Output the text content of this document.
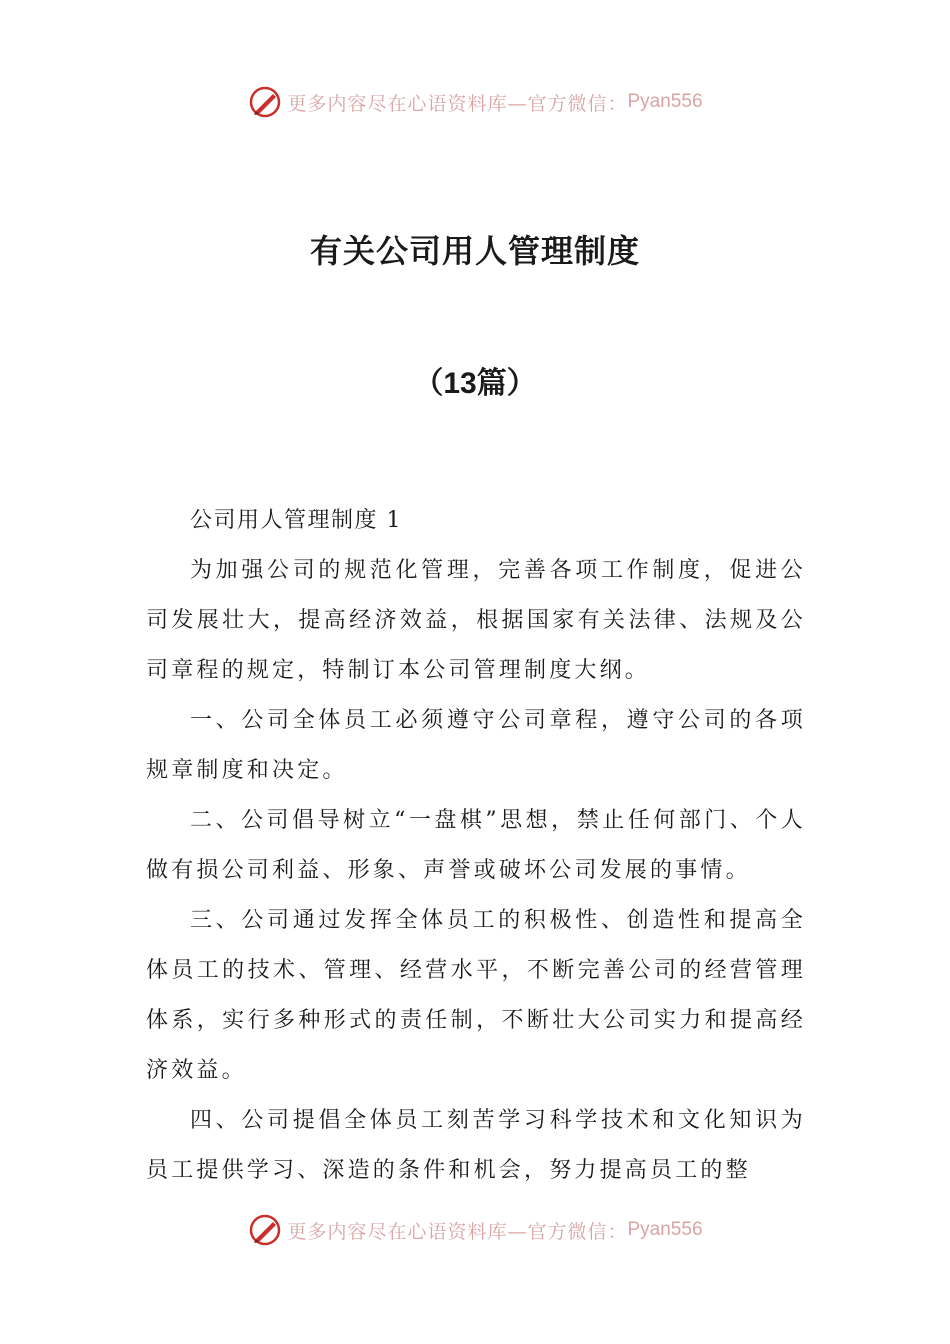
更多内容尽在心语资料库—官方微信： Pyan556
有关公司用人管理制度
（13篇）

公司用人管理制度 1

为加强公司的规范化管理，完善各项工作制度，促进公司发展壮大，提高经济效益，根据国家有关法律、法规及公司章程的规定，特制订本公司管理制度大纲。

一、公司全体员工必须遵守公司章程，遵守公司的各项规章制度和决定。

二、公司倡导树立“一盘棋”思想，禁止任何部门、个人做有损公司利益、形象、声誉或破坏公司发展的事情。

三、公司通过发挥全体员工的积极性、创造性和提高全体员工的技术、管理、经营水平，不断完善公司的经营管理体系，实行多种形式的责任制，不断壮大公司实力和提高经济效益。

四、公司提倡全体员工刻苦学习科学技术和文化知识为员工提供学习、深造的条件和机会，努力提高员工的整

更多内容尽在心语资料库—官方微信： Pyan556
